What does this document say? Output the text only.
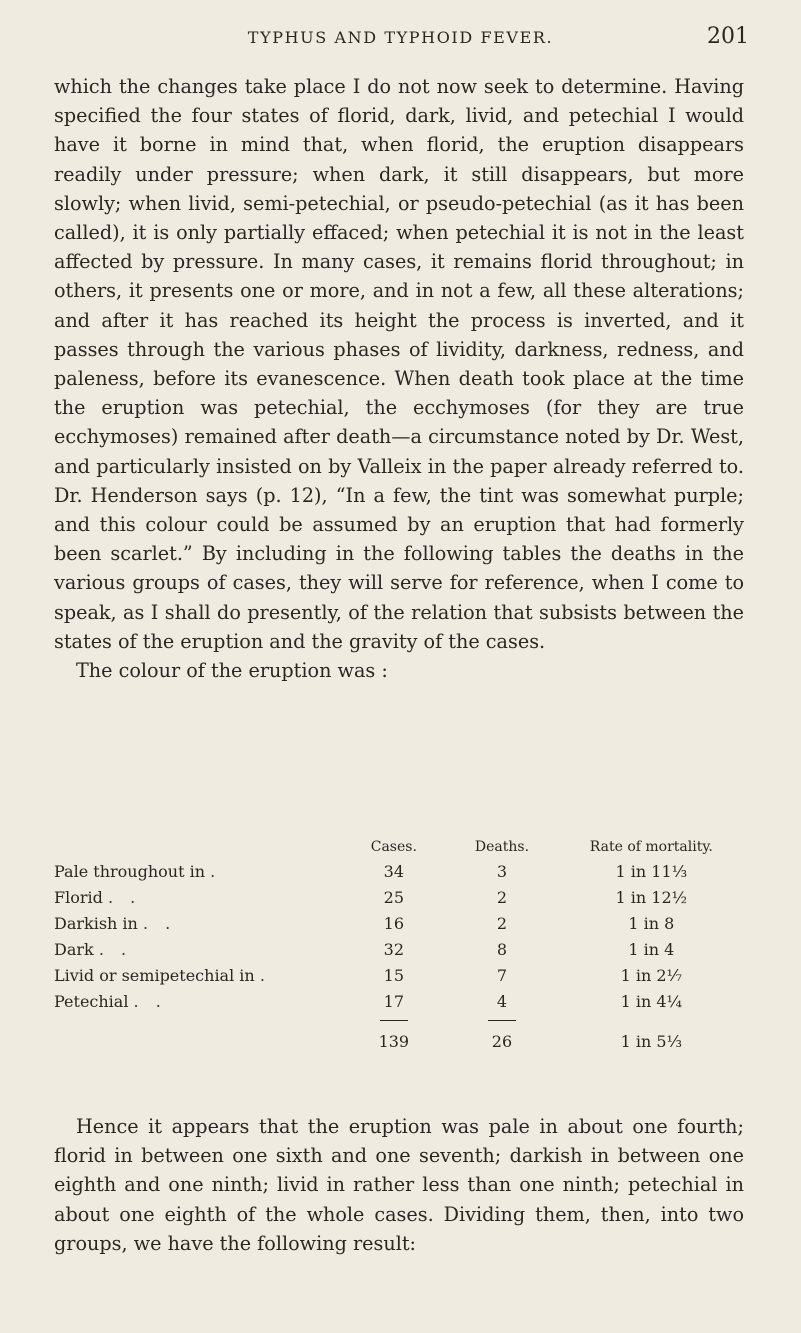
TYPHUS AND TYPHOID FEVER.	201

which the changes take place I do not now seek to determine. Having specified the four states of florid, dark, livid, and petechial I would have it borne in mind that, when florid, the eruption disappears readily under pressure; when dark, it still disappears, but more slowly; when livid, semi-petechial, or pseudo-petechial (as it has been called), it is only partially effaced; when petechial it is not in the least affected by pressure. In many cases, it remains florid throughout; in others, it presents one or more, and in not a few, all these alterations; and after it has reached its height the process is inverted, and it passes through the various phases of lividity, darkness, redness, and paleness, before its evanescence. When death took place at the time the eruption was petechial, the ecchymoses (for they are true ecchymoses) remained after death—a circumstance noted by Dr. West, and particularly insisted on by Valleix in the paper already referred to. Dr. Henderson says (p. 12), “In a few, the tint was somewhat purple; and this colour could be assumed by an eruption that had formerly been scarlet.” By including in the following tables the deaths in the various groups of cases, they will serve for reference, when I come to speak, as I shall do presently, of the relation that subsists between the states of the eruption and the gravity of the cases.
The colour of the eruption was :

	Cases.	Deaths.	Rate of mortality.
Pale throughout in .	34	3	1 in 11⅓
Florid . .	25	2	1 in 12½
Darkish in . .	16	2	1 in 8
Dark . .	32	8	1 in 4
Livid or semipetechial in .	15	7	1 in 2⅐
Petechial . .	17	4	1 in 4¼

	139	26	1 in 5⅓

Hence it appears that the eruption was pale in about one fourth; florid in between one sixth and one seventh; darkish in between one eighth and one ninth; livid in rather less than one ninth; petechial in about one eighth of the whole cases. Dividing them, then, into two groups, we have the following result:
